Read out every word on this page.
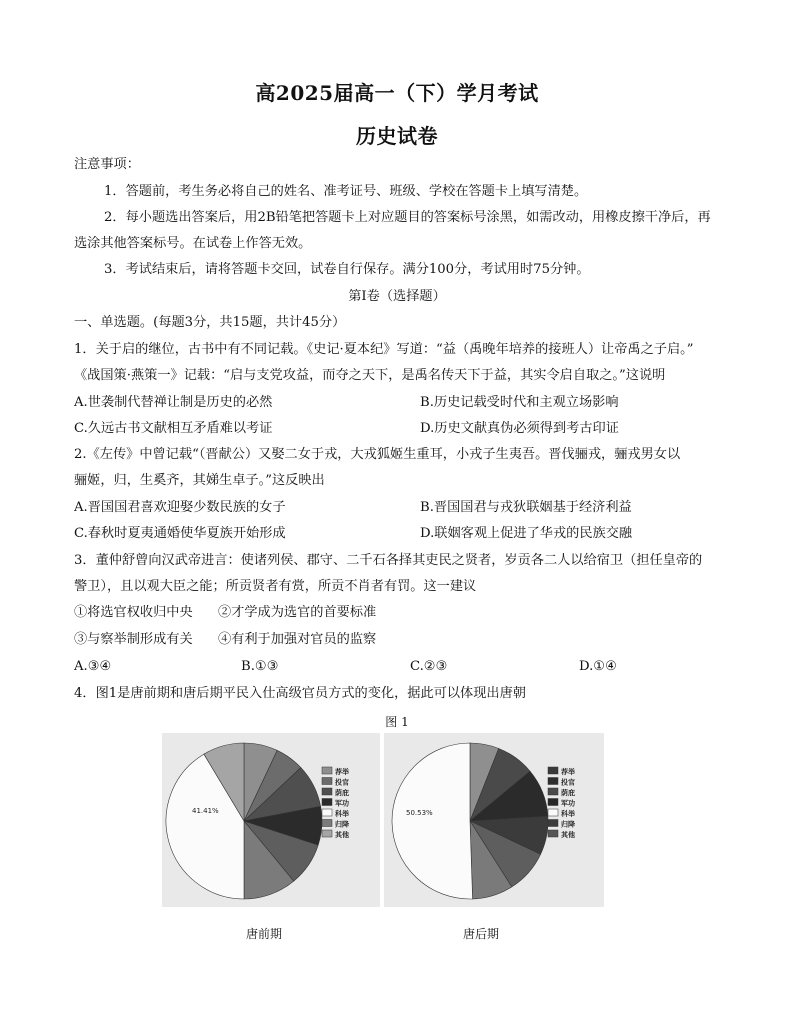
高2025届高一（下）学月考试
历史试卷
注意事项：
1．答题前，考生务必将自己的姓名、准考证号、班级、学校在答题卡上填写清楚。
2．每小题选出答案后，用2B铅笔把答题卡上对应题目的答案标号涂黑，如需改动，用橡皮擦干净后，再
选涂其他答案标号。在试卷上作答无效。
3．考试结束后，请将答题卡交回，试卷自行保存。满分100分，考试用时75分钟。
第Ⅰ卷（选择题）
一、单选题。(每题3分，共15题，共计45分）
1．关于启的继位，古书中有不同记载。《史记·夏本纪》写道：“益（禹晚年培养的接班人）让帝禹之子启。”
《战国策·燕策一》记载：“启与支党攻益，而夺之天下，是禹名传天下于益，其实令启自取之。”这说明
A.世袭制代替禅让制是历史的必然	B.历史记载受时代和主观立场影响
C.久远古书文献相互矛盾难以考证	D.历史文献真伪必须得到考古印证
2.《左传》中曾记载“（晋献公）又娶二女于戎，大戎狐姬生重耳，小戎子生夷吾。晋伐骊戎，骊戎男女以
骊姬，归，生奚齐，其娣生卓子。”这反映出
A.晋国国君喜欢迎娶少数民族的女子	B.晋国国君与戎狄联姻基于经济利益
C.春秋时夏夷通婚使华夏族开始形成	D.联姻客观上促进了华戎的民族交融
3．董仲舒曾向汉武帝进言：使诸列侯、郡守、二千石各择其吏民之贤者，岁贡各二人以给宿卫（担任皇帝的
警卫），且以观大臣之能；所贡贤者有赏，所贡不肖者有罚。这一建议
①将选官权收归中央 ②才学成为选官的首要标准
③与察举制形成有关 ④有利于加强对官员的监察
A.③④	B.①③	C.②③	D.①④
4．图1是唐前期和唐后期平民入仕高级官员方式的变化，据此可以体现出唐朝
图 1
41.41%
荐举
投官
荫庇
军功
科举
归降
其他
唐前期
50.53%
荐举
投官
荫庇
军功
科举
归降
其他
唐后期
